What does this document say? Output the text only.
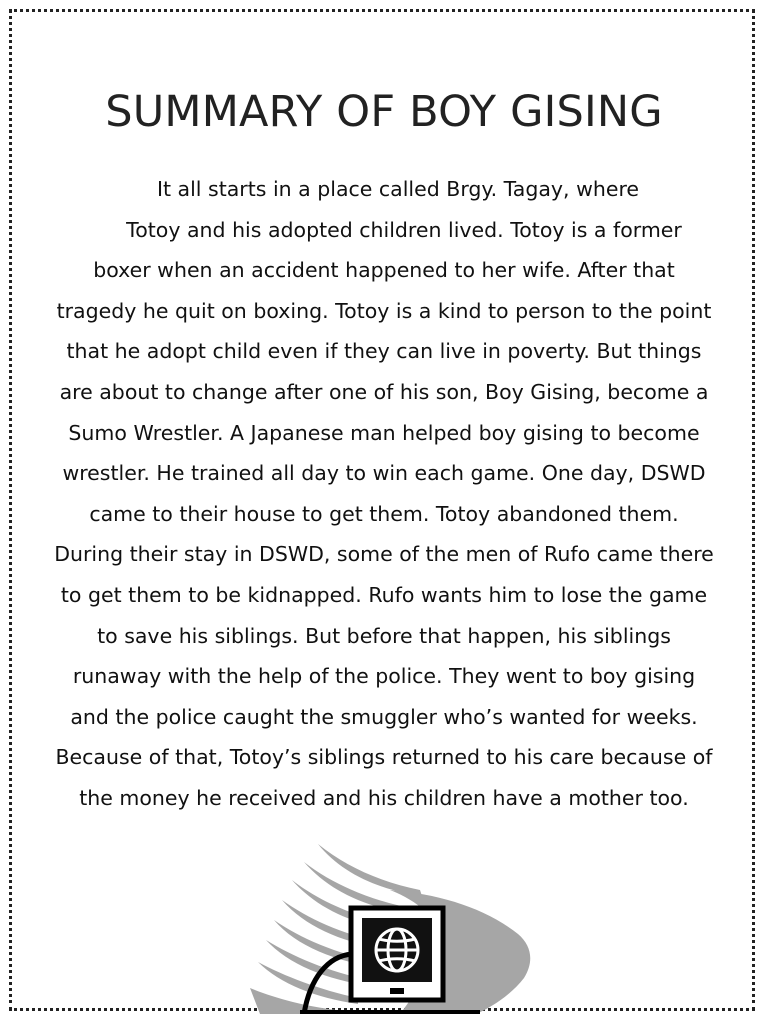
SUMMARY OF BOY GISING
It all starts in a place called Brgy. Tagay, where
Totoy and his adopted children lived. Totoy is a former
boxer when an accident happened to her wife. After that
tragedy he quit on boxing. Totoy is a kind to person to the point
that he adopt child even if they can live in poverty. But things
are about to change after one of his son, Boy Gising, become a
Sumo Wrestler. A Japanese man helped boy gising to become
wrestler. He trained all day to win each game. One day, DSWD
came to their house to get them. Totoy abandoned them.
During their stay in DSWD, some of the men of Rufo came there
to get them to be kidnapped. Rufo wants him to lose the game
to save his siblings. But before that happen, his siblings
runaway with the help of the police. They went to boy gising
and the police caught the smuggler who’s wanted for weeks.
Because of that, Totoy’s siblings returned to his care because of
the money he received and his children have a mother too.
